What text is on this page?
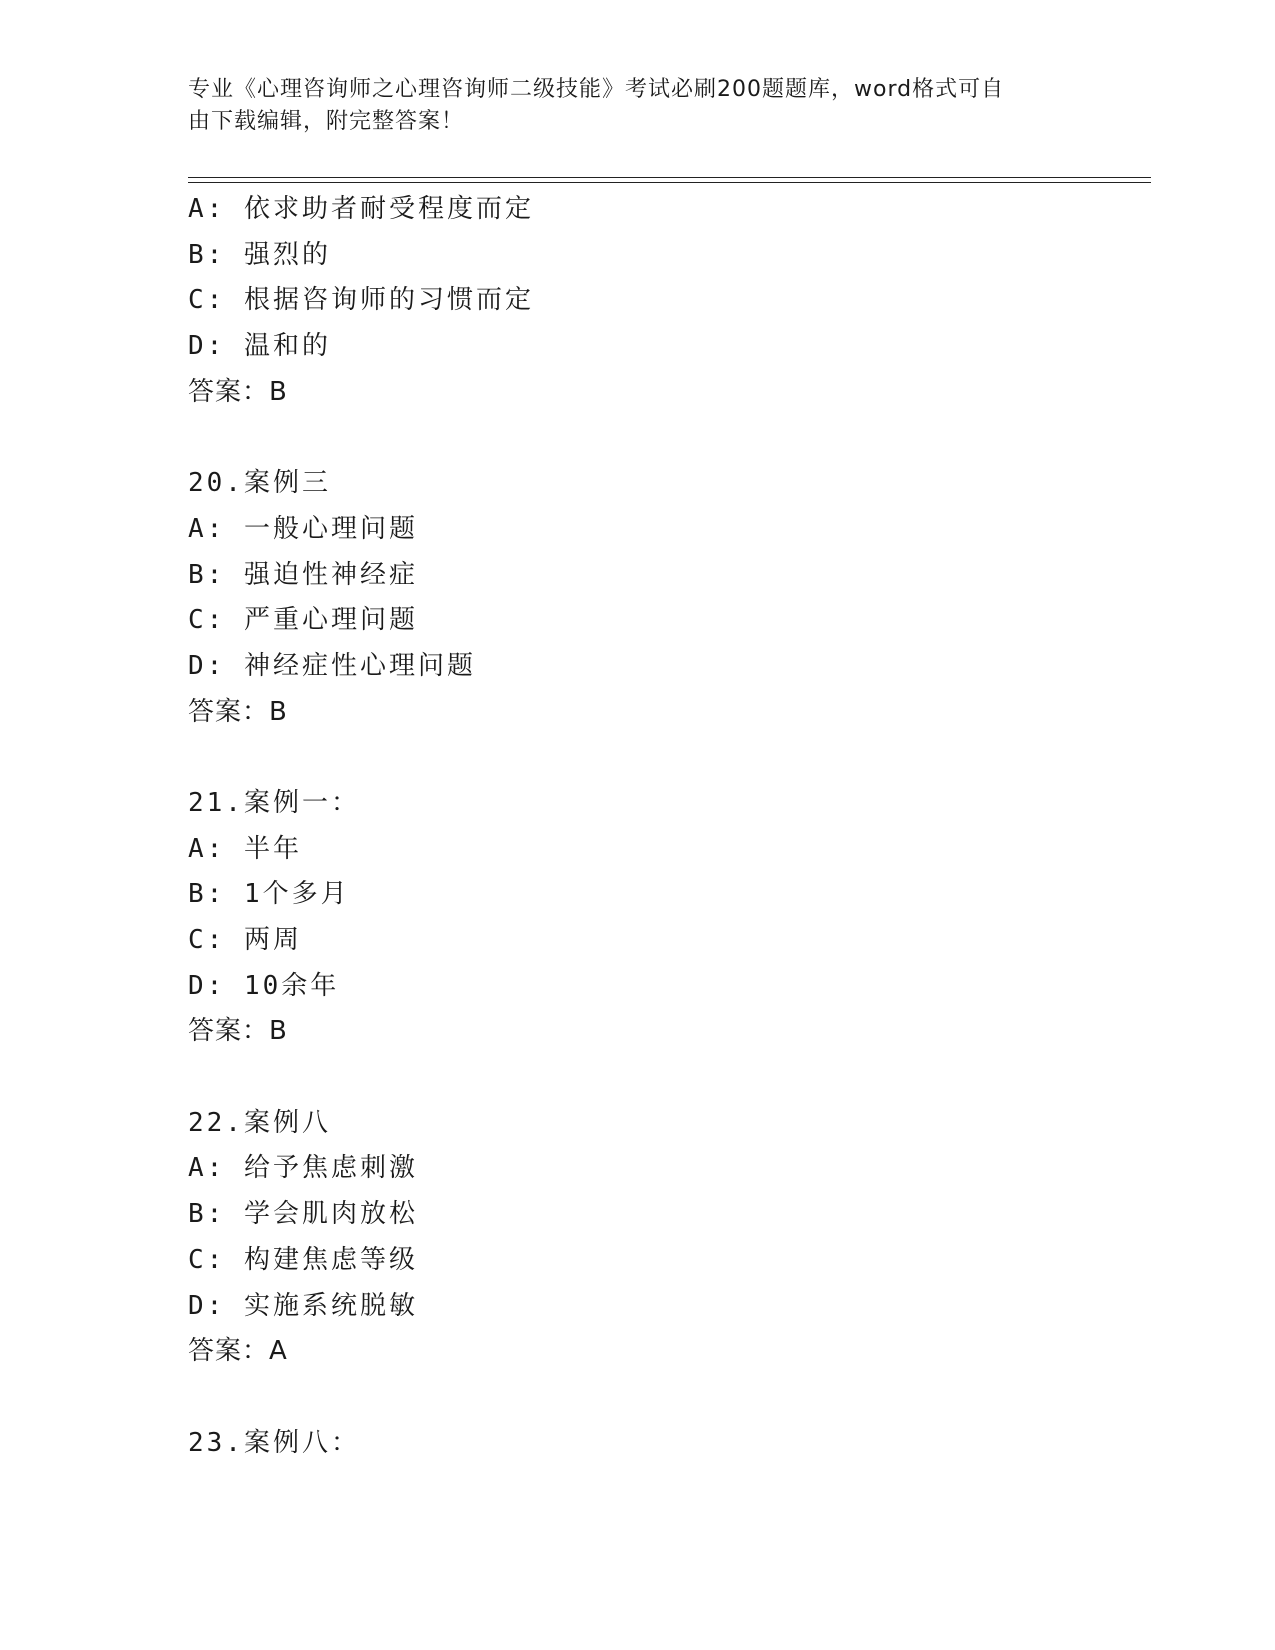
专业《心理咨询师之心理咨询师二级技能》考试必刷200题题库，word格式可自
由下载编辑，附完整答案！
A: 依求助者耐受程度而定
B: 强烈的
C: 根据咨询师的习惯而定
D: 温和的
答案：B
20.案例三
A: 一般心理问题
B: 强迫性神经症
C: 严重心理问题
D: 神经症性心理问题
答案：B
21.案例一：
A: 半年
B: 1个多月
C: 两周
D: 10余年
答案：B
22.案例八
A: 给予焦虑刺激
B: 学会肌肉放松
C: 构建焦虑等级
D: 实施系统脱敏
答案：A
23.案例八：
